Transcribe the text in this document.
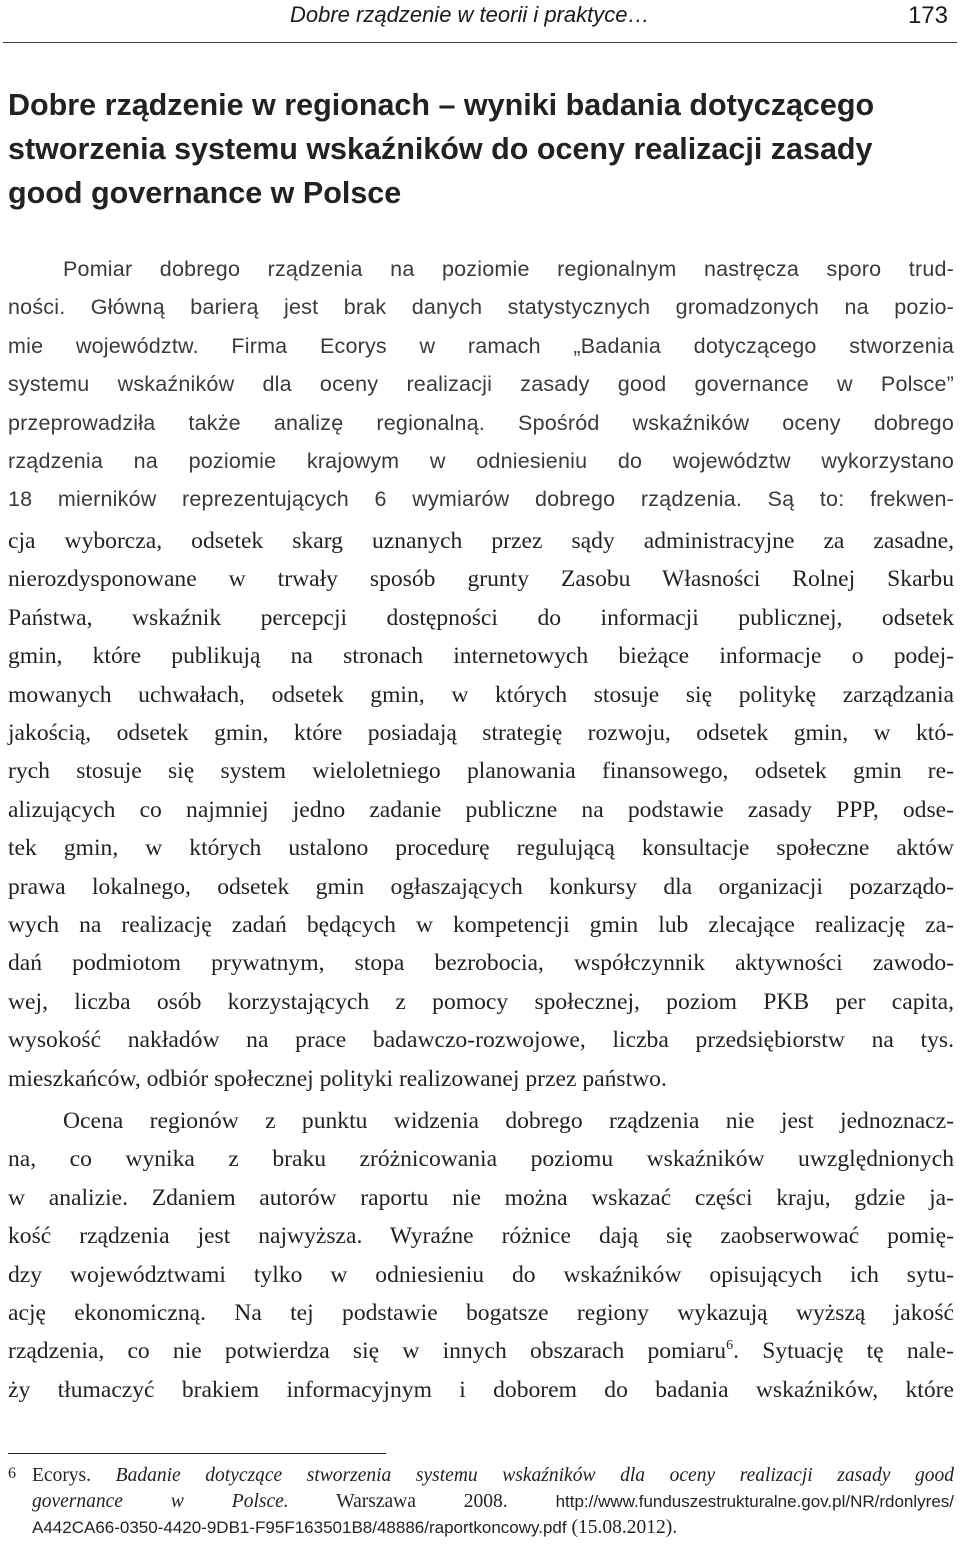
Dobre rządzenie w teorii i praktyce…	173
Dobre rządzenie w regionach – wyniki badania dotyczącego stworzenia systemu wskaźników do oceny realizacji zasady good governance w Polsce
Pomiar dobrego rządzenia na poziomie regionalnym nastręcza sporo trud-
ności. Główną barierą jest brak danych statystycznych gromadzonych na pozio-
mie województw. Firma Ecorys w ramach „Badania dotyczącego stworzenia
systemu wskaźników dla oceny realizacji zasady good governance w Polsce”
przeprowadziła także analizę regionalną. Spośród wskaźników oceny dobrego
rządzenia na poziomie krajowym w odniesieniu do województw wykorzystano
18 mierników reprezentujących 6 wymiarów dobrego rządzenia. Są to: frekwen-
cja wyborcza, odsetek skarg uznanych przez sądy administracyjne za zasadne,
nierozdysponowane w trwały sposób grunty Zasobu Własności Rolnej Skarbu
Państwa, wskaźnik percepcji dostępności do informacji publicznej, odsetek
gmin, które publikują na stronach internetowych bieżące informacje o podej-
mowanych uchwałach, odsetek gmin, w których stosuje się politykę zarządzania
jakością, odsetek gmin, które posiadają strategię rozwoju, odsetek gmin, w któ-
rych stosuje się system wieloletniego planowania finansowego, odsetek gmin re-
alizujących co najmniej jedno zadanie publiczne na podstawie zasady PPP, odse-
tek gmin, w których ustalono procedurę regulującą konsultacje społeczne aktów
prawa lokalnego, odsetek gmin ogłaszających konkursy dla organizacji pozarządo-
wych na realizację zadań będących w kompetencji gmin lub zlecające realizację za-
dań podmiotom prywatnym, stopa bezrobocia, współczynnik aktywności zawodo-
wej, liczba osób korzystających z pomocy społecznej, poziom PKB per capita,
wysokość nakładów na prace badawczo-rozwojowe, liczba przedsiębiorstw na tys.
mieszkańców, odbiór społecznej polityki realizowanej przez państwo.
Ocena regionów z punktu widzenia dobrego rządzenia nie jest jednoznacz-
na, co wynika z braku zróżnicowania poziomu wskaźników uwzględnionych
w analizie. Zdaniem autorów raportu nie można wskazać części kraju, gdzie ja-
kość rządzenia jest najwyższa. Wyraźne różnice dają się zaobserwować pomię-
dzy województwami tylko w odniesieniu do wskaźników opisujących ich sytu-
ację ekonomiczną. Na tej podstawie bogatsze regiony wykazują wyższą jakość
rządzenia, co nie potwierdza się w innych obszarach pomiaru$^6$. Sytuację tę nale-
ży tłumaczyć brakiem informacyjnym i doborem do badania wskaźników, które
6 Ecorys. Badanie dotyczące stworzenia systemu wskaźników dla oceny realizacji zasady good
governance w Polsce. Warszawa 2008.	http://www.funduszestrukturalne.gov.pl/NR/rdonlyres/
A442CA66-0350-4420-9DB1-F95F163501B8/48886/raportkoncowy.pdf (15.08.2012).
